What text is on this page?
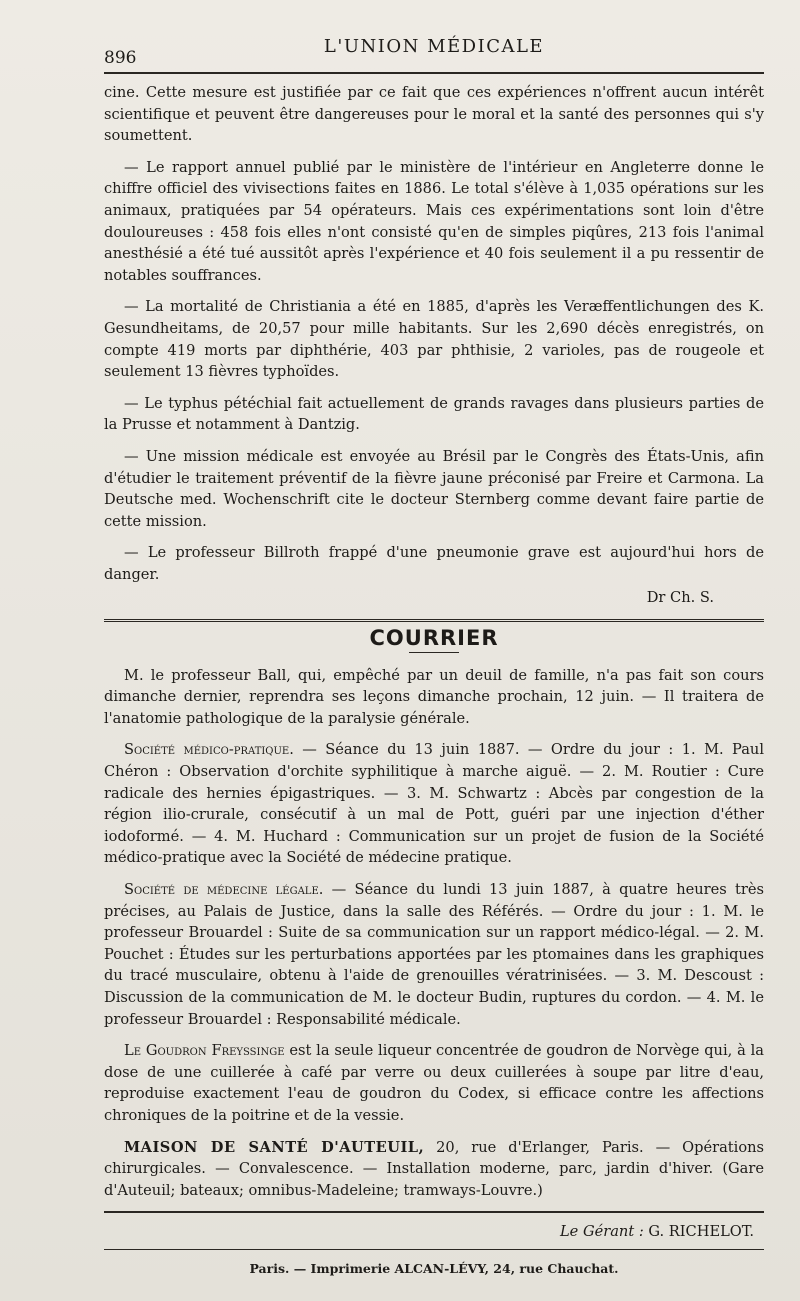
896
L'UNION MÉDICALE

cine. Cette mesure est justifiée par ce fait que ces expériences n'offrent aucun intérêt scientifique et peuvent être dangereuses pour le moral et la santé des personnes qui s'y soumettent.

— Le rapport annuel publié par le ministère de l'intérieur en Angleterre donne le chiffre officiel des vivisections faites en 1886. Le total s'élève à 1,035 opérations sur les animaux, pratiquées par 54 opérateurs. Mais ces expérimentations sont loin d'être douloureuses : 458 fois elles n'ont consisté qu'en de simples piqûres, 213 fois l'animal anesthésié a été tué aussitôt après l'expérience et 40 fois seulement il a pu ressentir de notables souffrances.

— La mortalité de Christiania a été en 1885, d'après les Veræffentlichungen des K. Gesundheitams, de 20,57 pour mille habitants. Sur les 2,690 décès enregistrés, on compte 419 morts par diphthérie, 403 par phthisie, 2 varioles, pas de rougeole et seulement 13 fièvres typhoïdes.

— Le typhus pétéchial fait actuellement de grands ravages dans plusieurs parties de la Prusse et notamment à Dantzig.

— Une mission médicale est envoyée au Brésil par le Congrès des États-Unis, afin d'étudier le traitement préventif de la fièvre jaune préconisé par Freire et Carmona. La Deutsche med. Wochenschrift cite le docteur Sternberg comme devant faire partie de cette mission.

— Le professeur Billroth frappé d'une pneumonie grave est aujourd'hui hors de danger.

Dr Ch. S.
COURRIER

M. le professeur Ball, qui, empêché par un deuil de famille, n'a pas fait son cours dimanche dernier, reprendra ses leçons dimanche prochain, 12 juin. — Il traitera de l'anatomie pathologique de la paralysie générale.

Société médico-pratique. — Séance du 13 juin 1887. — Ordre du jour : 1. M. Paul Chéron : Observation d'orchite syphilitique à marche aiguë. — 2. M. Routier : Cure radicale des hernies épigastriques. — 3. M. Schwartz : Abcès par congestion de la région ilio-crurale, consécutif à un mal de Pott, guéri par une injection d'éther iodoformé. — 4. M. Huchard : Communication sur un projet de fusion de la Société médico-pratique avec la Société de médecine pratique.

Société de médecine légale. — Séance du lundi 13 juin 1887, à quatre heures très précises, au Palais de Justice, dans la salle des Référés. — Ordre du jour : 1. M. le professeur Brouardel : Suite de sa communication sur un rapport médico-légal. — 2. M. Pouchet : Études sur les perturbations apportées par les ptomaines dans les graphiques du tracé musculaire, obtenu à l'aide de grenouilles vératrinisées. — 3. M. Descoust : Discussion de la communication de M. le docteur Budin, ruptures du cordon. — 4. M. le professeur Brouardel : Responsabilité médicale.

Le Goudron Freyssinge est la seule liqueur concentrée de goudron de Norvège qui, à la dose de une cuillerée à café par verre ou deux cuillerées à soupe par litre d'eau, reproduise exactement l'eau de goudron du Codex, si efficace contre les affections chroniques de la poitrine et de la vessie.

MAISON DE SANTÉ D'AUTEUIL, 20, rue d'Erlanger, Paris. — Opérations chirurgicales. — Convalescence. — Installation moderne, parc, jardin d'hiver. (Gare d'Auteuil; bateaux; omnibus-Madeleine; tramways-Louvre.)

Le Gérant : G. RICHELOT.
Paris. — Imprimerie ALCAN-LÉVY, 24, rue Chauchat.
